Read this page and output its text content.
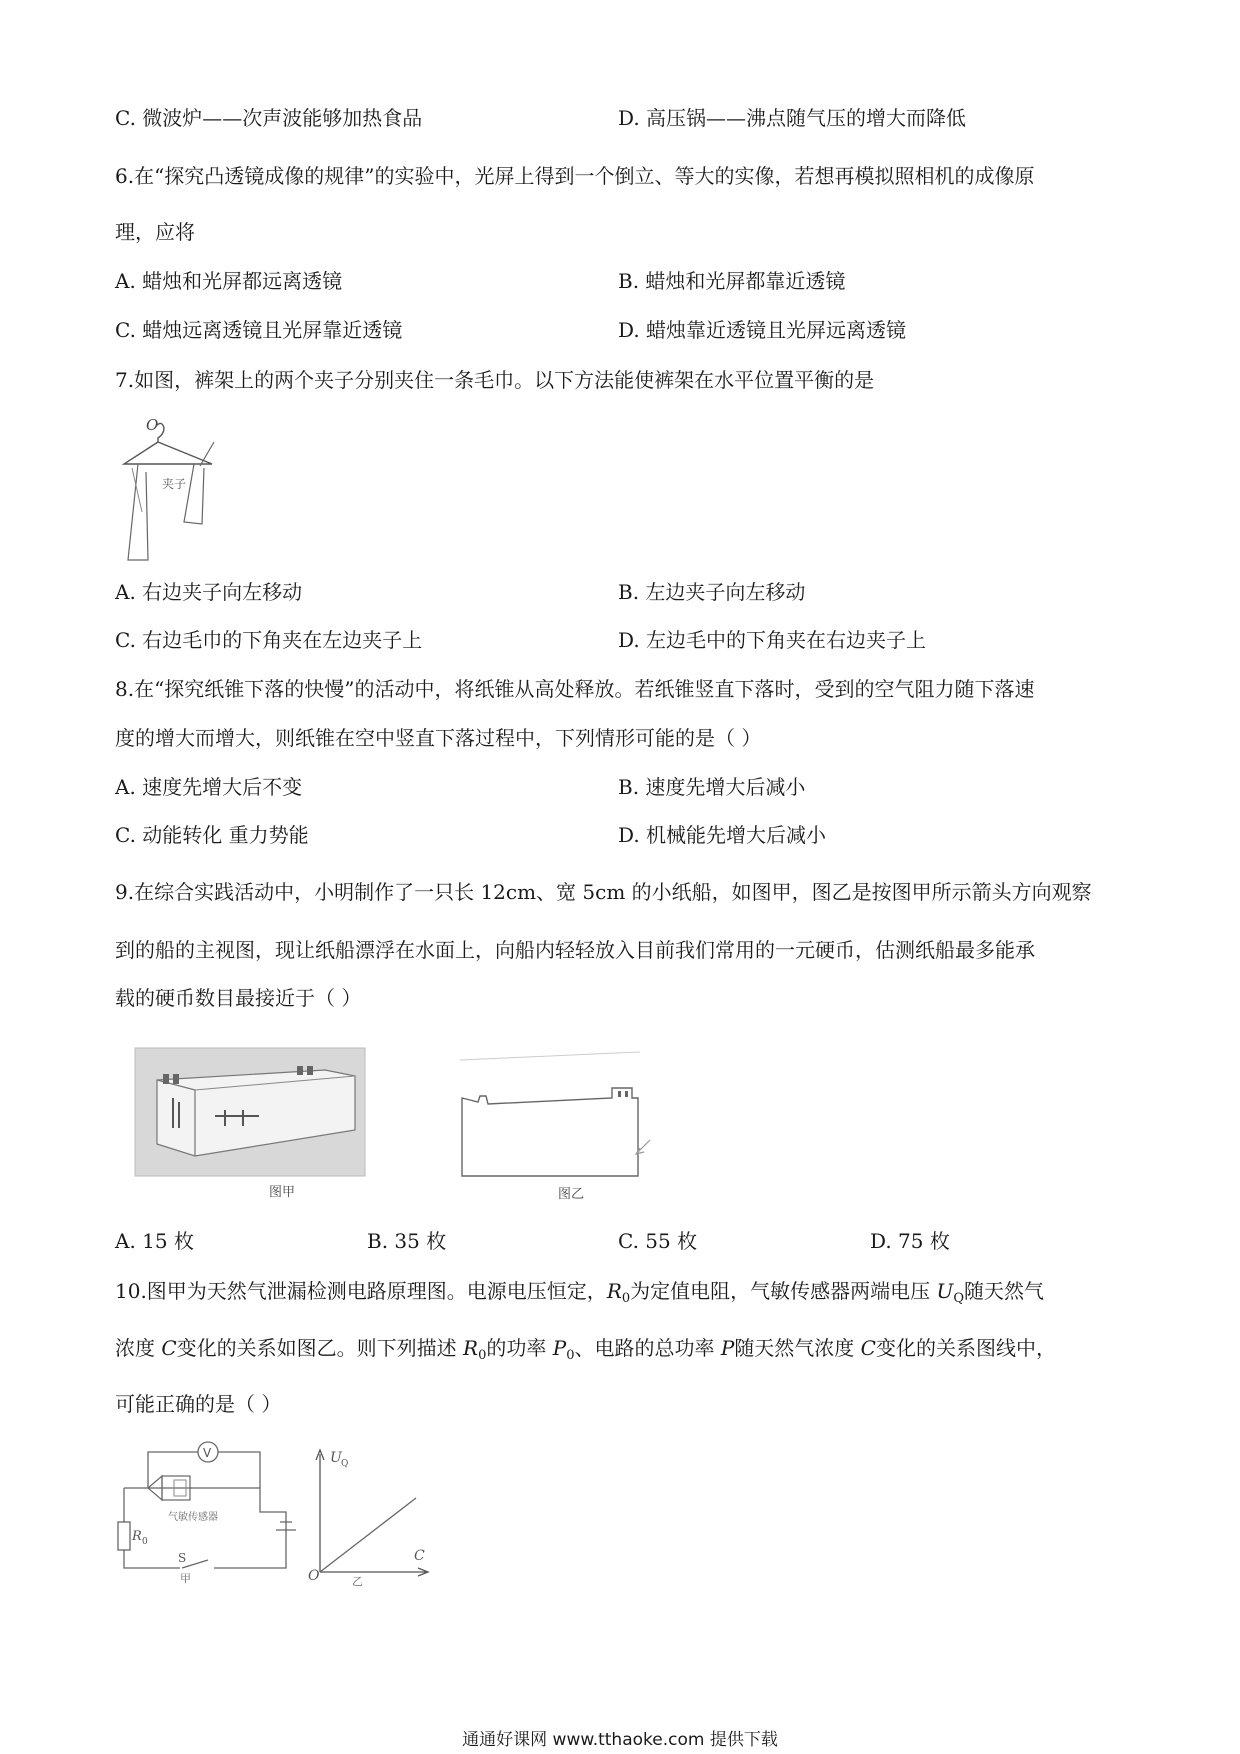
C. 微波炉——次声波能够加热食品	D. 高压锅——沸点随气压的增大而降低
6.在“探究凸透镜成像的规律”的实验中，光屏上得到一个倒立、等大的实像，若想再模拟照相机的成像原
理，应将
A. 蜡烛和光屏都远离透镜	B. 蜡烛和光屏都靠近透镜
C. 蜡烛远离透镜且光屏靠近透镜	D. 蜡烛靠近透镜且光屏远离透镜
7.如图，裤架上的两个夹子分别夹住一条毛巾。以下方法能使裤架在水平位置平衡的是
O
夹子
A. 右边夹子向左移动	B. 左边夹子向左移动
C. 右边毛巾的下角夹在左边夹子上	D. 左边毛中的下角夹在右边夹子上
8.在“探究纸锥下落的快慢”的活动中，将纸锥从高处释放。若纸锥竖直下落时，受到的空气阻力随下落速
度的增大而增大，则纸锥在空中竖直下落过程中，下列情形可能的是（ ）
A. 速度先增大后不变	B. 速度先增大后减小
C. 动能转化 重力势能	D. 机械能先增大后减小
9.在综合实践活动中，小明制作了一只长 12cm、宽 5cm 的小纸船，如图甲，图乙是按图甲所示箭头方向观察
到的船的主视图，现让纸船漂浮在水面上，向船内轻轻放入目前我们常用的一元硬币，估测纸船最多能承
载的硬币数目最接近于（ ）
图甲	图乙
A. 15 枚	B. 35 枚	C. 55 枚	D. 75 枚
10.图甲为天然气泄漏检测电路原理图。电源电压恒定，$R_0$为定值电阻，气敏传感器两端电压 $U_Q$随天然气
浓度 C变化的关系如图乙。则下列描述 $R_0$的功率 $P_0$、电路的总功率 P随天然气浓度 C变化的关系图线中，
可能正确的是（ ）
V
气敏传感器
R 0
S
甲
U Q
O
C
乙
通通好课网 www.tthaoke.com 提供下载
